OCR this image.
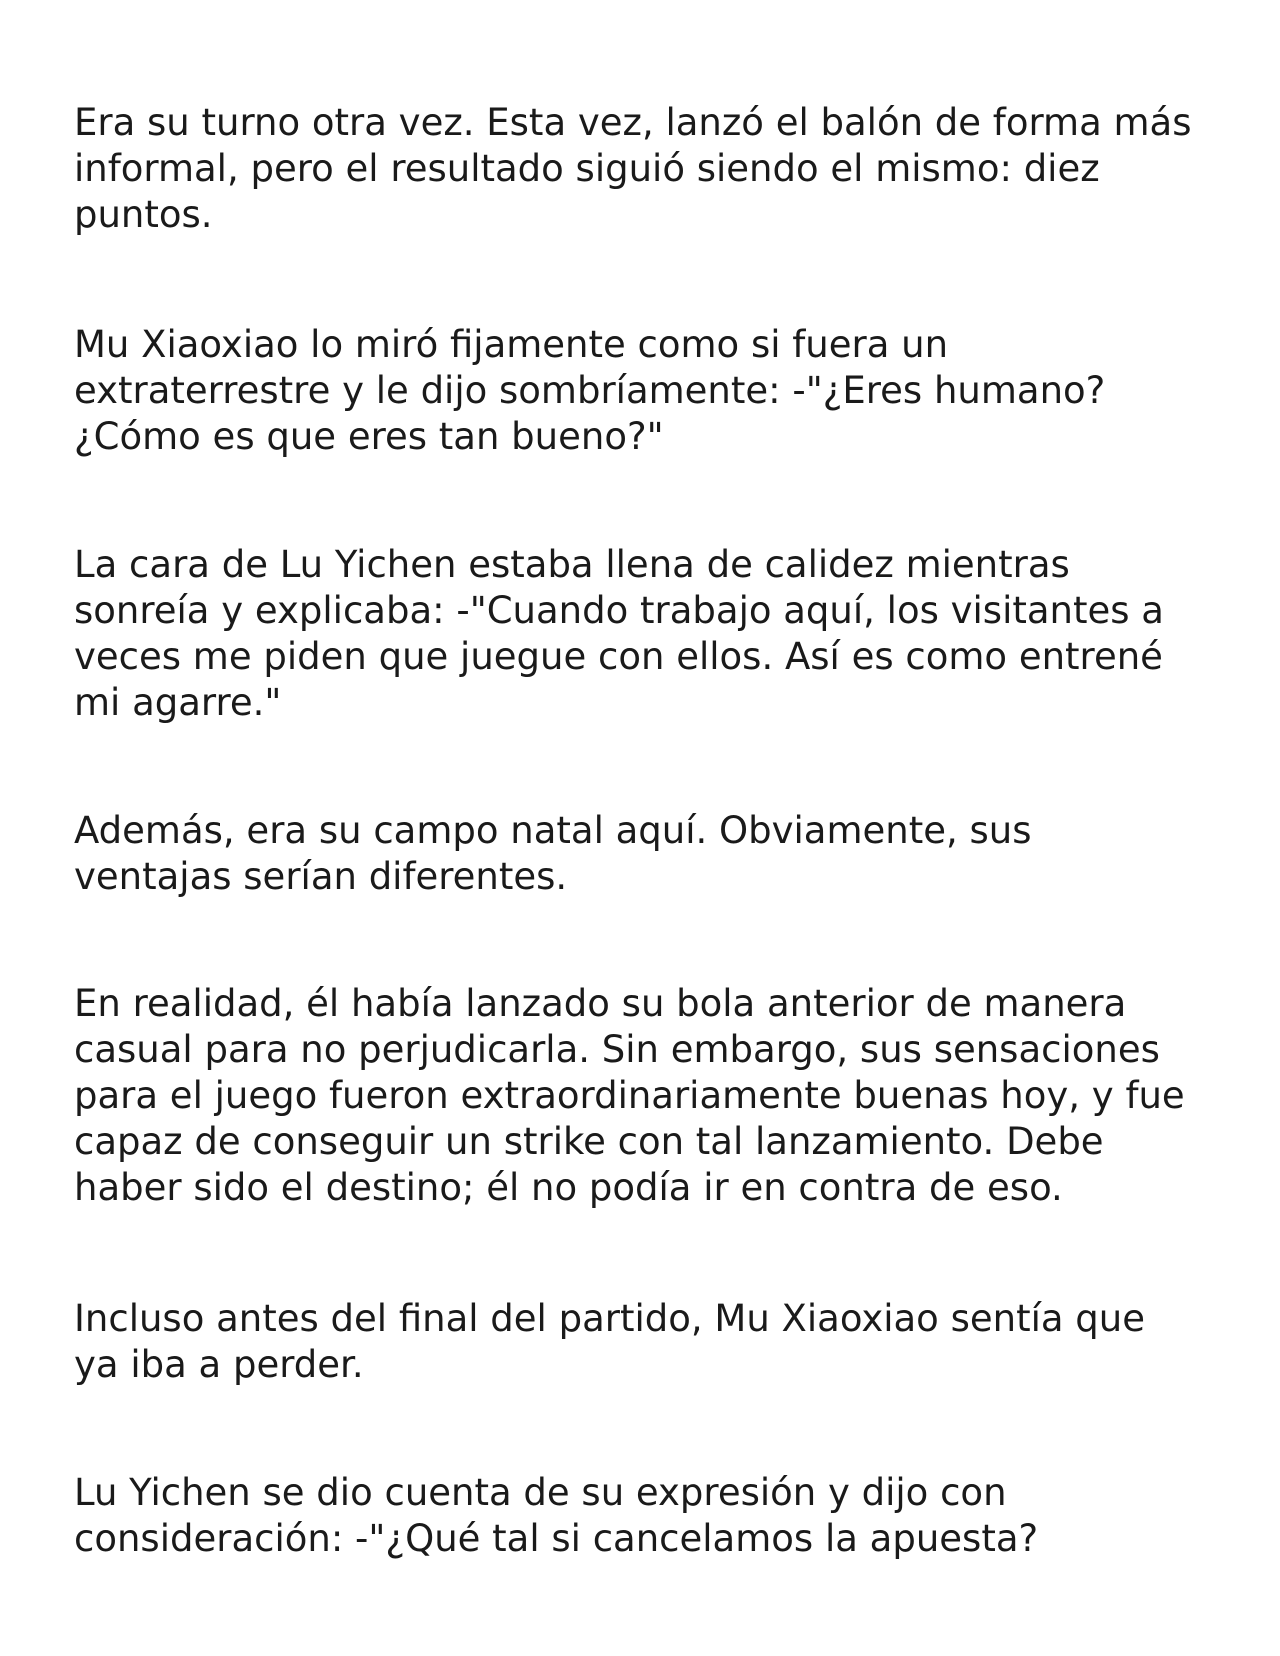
Era su turno otra vez. Esta vez, lanzó el balón de forma más
informal, pero el resultado siguió siendo el mismo: diez
puntos.

Mu Xiaoxiao lo miró fijamente como si fuera un
extraterrestre y le dijo sombríamente: -"¿Eres humano?
¿Cómo es que eres tan bueno?"

La cara de Lu Yichen estaba llena de calidez mientras
sonreía y explicaba: -"Cuando trabajo aquí, los visitantes a
veces me piden que juegue con ellos. Así es como entrené
mi agarre."

Además, era su campo natal aquí. Obviamente, sus
ventajas serían diferentes.

En realidad, él había lanzado su bola anterior de manera
casual para no perjudicarla. Sin embargo, sus sensaciones
para el juego fueron extraordinariamente buenas hoy, y fue
capaz de conseguir un strike con tal lanzamiento. Debe
haber sido el destino; él no podía ir en contra de eso.

Incluso antes del final del partido, Mu Xiaoxiao sentía que
ya iba a perder.

Lu Yichen se dio cuenta de su expresión y dijo con
consideración: -"¿Qué tal si cancelamos la apuesta?
